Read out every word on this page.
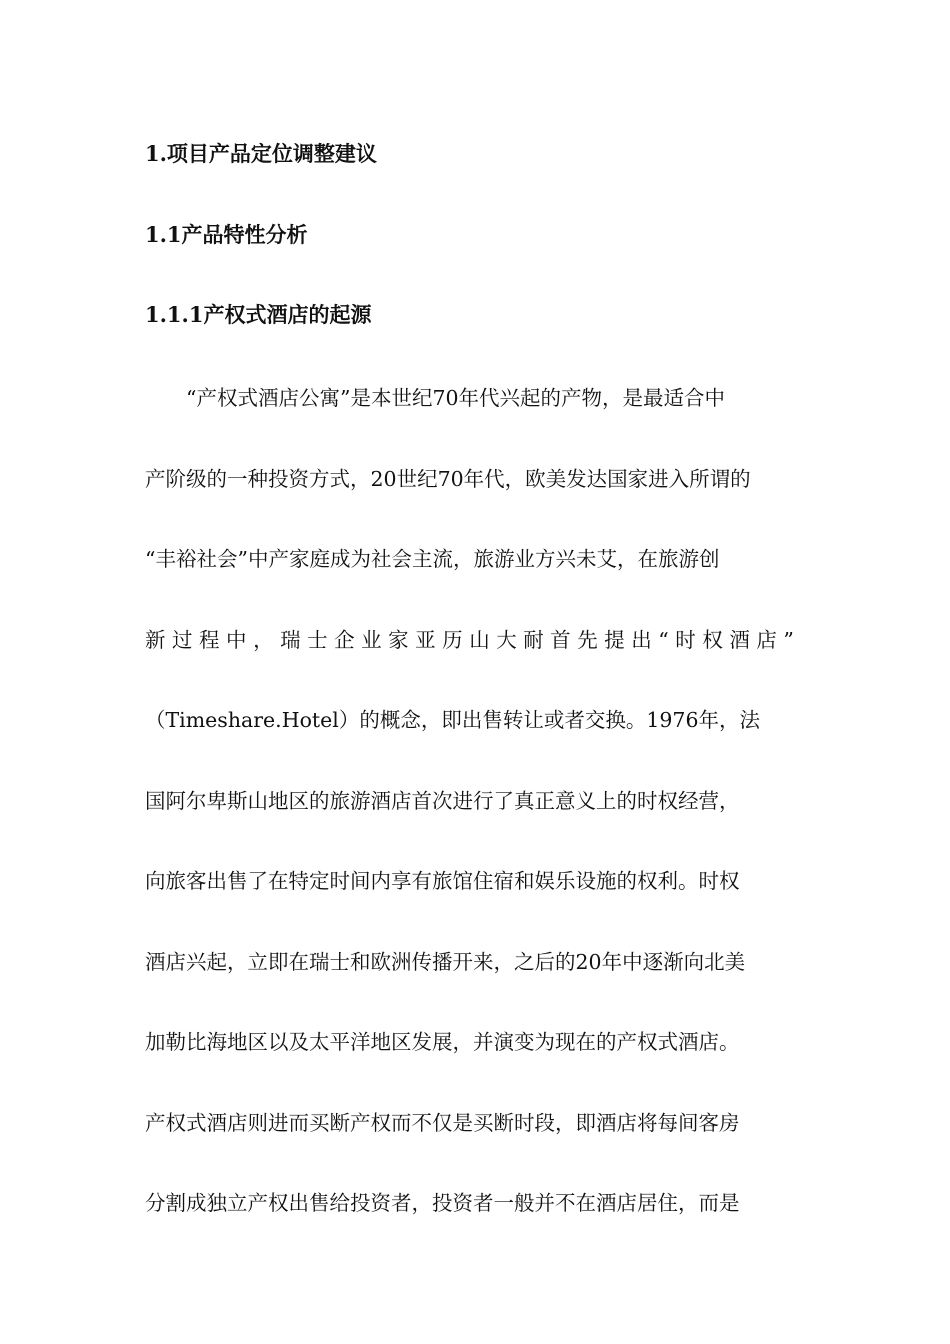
1.项目产品定位调整建议
1.1产品特性分析
1.1.1产权式酒店的起源
“产权式酒店公寓”是本世纪70年代兴起的产物，是最适合中
产阶级的一种投资方式，20世纪70年代，欧美发达国家进入所谓的
“丰裕社会”中产家庭成为社会主流，旅游业方兴未艾，在旅游创
新 过 程 中 ， 瑞 士 企 业 家 亚 历 山 大 耐 首 先 提 出 “ 时 权 酒 店 ”
（Timeshare.Hotel）的概念，即出售转让或者交换。1976年，法
国阿尔卑斯山地区的旅游酒店首次进行了真正意义上的时权经营，
向旅客出售了在特定时间内享有旅馆住宿和娱乐设施的权利。时权
酒店兴起，立即在瑞士和欧洲传播开来，之后的20年中逐渐向北美
加勒比海地区以及太平洋地区发展，并演变为现在的产权式酒店。
产权式酒店则进而买断产权而不仅是买断时段，即酒店将每间客房
分割成独立产权出售给投资者，投资者一般并不在酒店居住，而是
